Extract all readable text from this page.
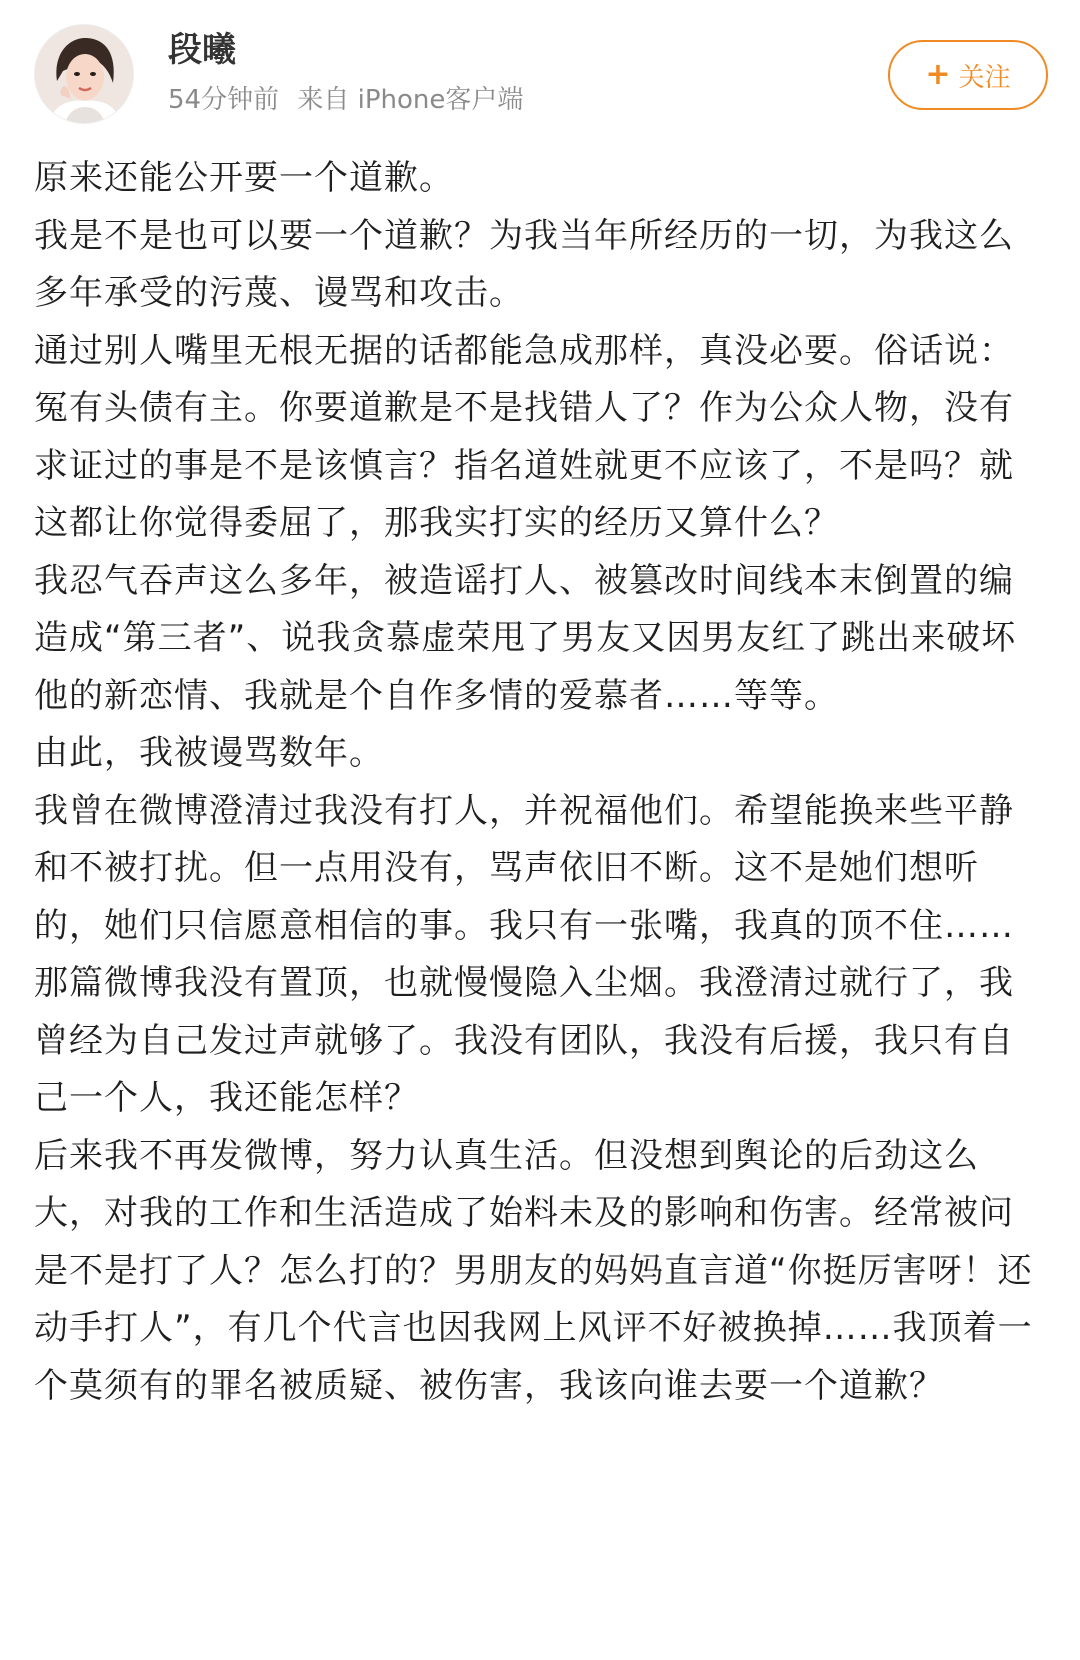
段曦
54分钟前 来自 iPhone客户端
+ 关注

原来还能公开要一个道歉。

我是不是也可以要一个道歉？为我当年所经历的一切，为我这么多年承受的污蔑、谩骂和攻击。

通过别人嘴里无根无据的话都能急成那样，真没必要。俗话说：冤有头债有主。你要道歉是不是找错人了？作为公众人物，没有求证过的事是不是该慎言？指名道姓就更不应该了，不是吗？就这都让你觉得委屈了，那我实打实的经历又算什么？

我忍气吞声这么多年，被造谣打人、被篡改时间线本末倒置的编造成“第三者”、说我贪慕虚荣甩了男友又因男友红了跳出来破坏他的新恋情、我就是个自作多情的爱慕者……等等。

由此，我被谩骂数年。

我曾在微博澄清过我没有打人，并祝福他们。希望能换来些平静和不被打扰。但一点用没有，骂声依旧不断。这不是她们想听的，她们只信愿意相信的事。我只有一张嘴，我真的顶不住……

那篇微博我没有置顶，也就慢慢隐入尘烟。我澄清过就行了，我曾经为自己发过声就够了。我没有团队，我没有后援，我只有自己一个人，我还能怎样？

后来我不再发微博，努力认真生活。但没想到舆论的后劲这么大，对我的工作和生活造成了始料未及的影响和伤害。经常被问是不是打了人？怎么打的？男朋友的妈妈直言道“你挺厉害呀！还动手打人”，有几个代言也因我网上风评不好被换掉……我顶着一个莫须有的罪名被质疑、被伤害，我该向谁去要一个道歉？
